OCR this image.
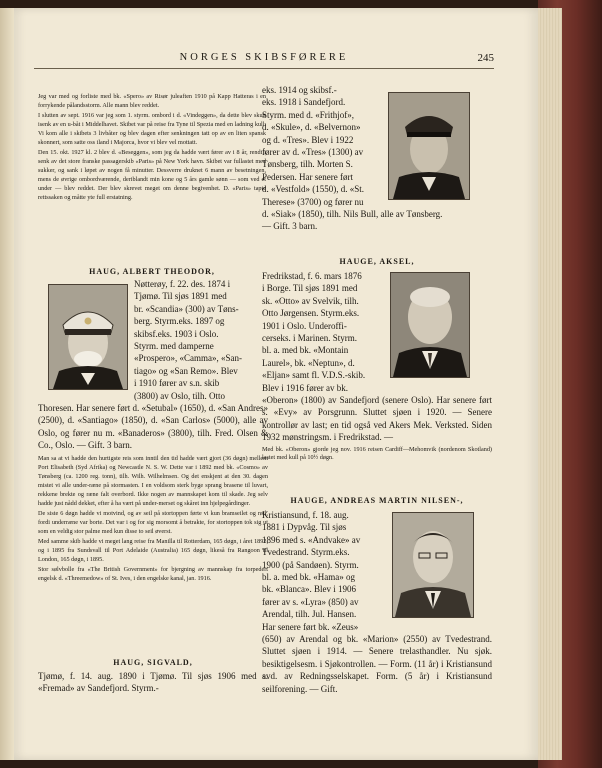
NORGES SKIBSFØRERE	245

Jeg var med og forliste med bk. «Spero» av Risør juleaften 1910 på Kapp Hatteras i en forrykende pålandsstorm. Alle mann blev reddet.

I slutten av sept. 1916 var jeg som 1. styrm. ombord i d. «Vindeggen», da dette blev skutt isenk av en u-båt i Middelhavet. Skibet var på reise fra Tyne til Spezia med en ladning kull. Vi kom alle i skibets 3 livbåter og blev dagen efter senkningen tatt op av en liten spansk skonnert, som satte oss iland i Majorca, hvor vi blev vel mottatt.

Den 15. okt. 1927 kl. 2 blev d. «Beseggen», som jeg da hadde vært fører av i 8 år, rendt i senk av det store franske passagerskib «Paris» på New York havn. Skibet var fullastet med sukker, og sank i løpet av nogen få minutter. Dessverre druknet 6 mann av besetningen, mens de øvrige ombordværende, deriblandt min kone og 5 års gamle sønn — som ved et under — blev reddet. Der blev skrevet meget om denne begivenhet. D. «Paris» tapte rettssaken og måtte yte full erstatning.

HAUG, ALBERT THEODOR,

Nøtterøy, f. 22. des. 1874 i

Tjømø. Til sjøs 1891 med

br. «Scandia» (300) av Tøns-

berg. Styrm.eks. 1897 og

skibsf.eks. 1903 i Oslo.

Styrm. med damperne

«Prospero», «Camma», «San-

tiago» og «San Remo». Blev

i 1910 fører av s.n. skib

(3800) av Oslo, tilh. Otto

Thoresen. Har senere ført d. «Setubal» (1650), d. «San Andres» (2500), d. «Santiago» (1850), d. «San Carlos» (5000), alle av Oslo, og fører nu m. «Banaderos» (3800), tilh. Fred. Olsen & Co., Oslo. — Gift. 3 barn.

Man sa at vi hadde den hurtigste reis som inntil den tid hadde vært gjort (36 døgn) mellem Port Elisabeth (Syd Afrika) og Newcastle N. S. W. Dette var i 1892 med bk. «Cosmo» av Tønsberg (ca. 1200 reg. tonn), tilh. Wilh. Wilhelmsen. Og det enskjent at den 30. dagen mistet vi alle under-ræne på stormasten. I en voldsom sterk byge sprang brasene til luvart, rekkene brekte og ræne falt overbord. Ikke nogen av mannskapet kom til skade. Jeg selv hadde just nådd dekket, efter å ha vært på under-merset og skåret inn hjelpegårdinger.

De siste 6 døgn hadde vi motvind, og av seil på stortoppen førte vi kun bramseilet og røil, fordi underræne var borte. Det var i og for sig morsomt å betrakte, for stortoppen tok sig ut som en veldig stor palme med kun disse to seil øverst.

Med samme skib hadde vi meget lang reise fra Manilla til Rotterdam, 165 døgn, i året 1892, og i 1895 fra Sundsvall til Port Adelaide (Australia) 165 døgn, likeså fra Rangoon til London, 165 døgn, i 1895.

Stor sølvbolle fra «The British Government» for bjergning av mannskap fra torpedert engelsk d. «Threemedow» of St. Ives, i den engelske kanal, jan. 1916.

HAUG, SIGVALD,

Tjømø, f. 14. aug. 1890 i Tjømø. Til sjøs 1906 med s. «Fremad» av Sandefjord. Styrm.-

eks. 1914 og skibsf.-

eks. 1918 i Sandefjord.

Styrm. med d. «Frithjof»,

d. «Skule», d. «Belvernon»

og d. «Tres». Blev i 1922

fører av d. «Tres» (1300) av

Tønsberg, tilh. Morten S.

Pedersen. Har senere ført

d. «Vestfold» (1550), d. «St.

Therese» (3700) og fører nu

d. «Siak» (1850), tilh. Nils Bull, alle av Tønsberg.

— Gift. 3 barn.

HAUGE, AKSEL,

Fredrikstad, f. 6. mars 1876

i Borge. Til sjøs 1891 med

sk. «Otto» av Svelvik, tilh.

Otto Jørgensen. Styrm.eks.

1901 i Oslo. Underoffi-

cerseks. i Marinen. Styrm.

bl. a. med bk. «Montain

Laurel», bk. «Neptun», d.

«Eljan» samt fl. V.D.S.-skib.

Blev i 1916 fører av bk.

«Oberon» (1800) av Sandefjord (senere Oslo). Har senere ført s. «Evy» av Porsgrunn. Sluttet sjøen i 1920. — Senere kontrollør av last; en tid også ved Akers Mek. Verksted. Siden 1932 mønstringsm. i Fredrikstad. —

Med bk. «Oberon» gjorde jeg nov. 1916 reisen Cardiff—Mehomvik (nordenom Skotland) lastet med kull på 10½ døgn.

HAUGE, ANDREAS MARTIN NILSEN-,

Kristiansund, f. 18. aug.

1881 i Dypvåg. Til sjøs

1896 med s. «Andvake» av

Tvedestrand. Styrm.eks.

1900 (på Sandøen). Styrm.

bl. a. med bk. «Hama» og

bk. «Blanca». Blev i 1906

fører av s. «Lyra» (850) av

Arendal, tilh. Jul. Hansen.

Har senere ført bk. «Zeus»

(650) av Arendal og bk. «Marion» (2550) av Tvedestrand. Sluttet sjøen i 1914. — Senere trelasthandler. Nu sjøk. besiktigelsesm. i Sjøkontrollen. — Form. (11 år) i Kristiansund avd. av Redningsselskapet. Form. (5 år) i Kristiansund seilforening. — Gift.
